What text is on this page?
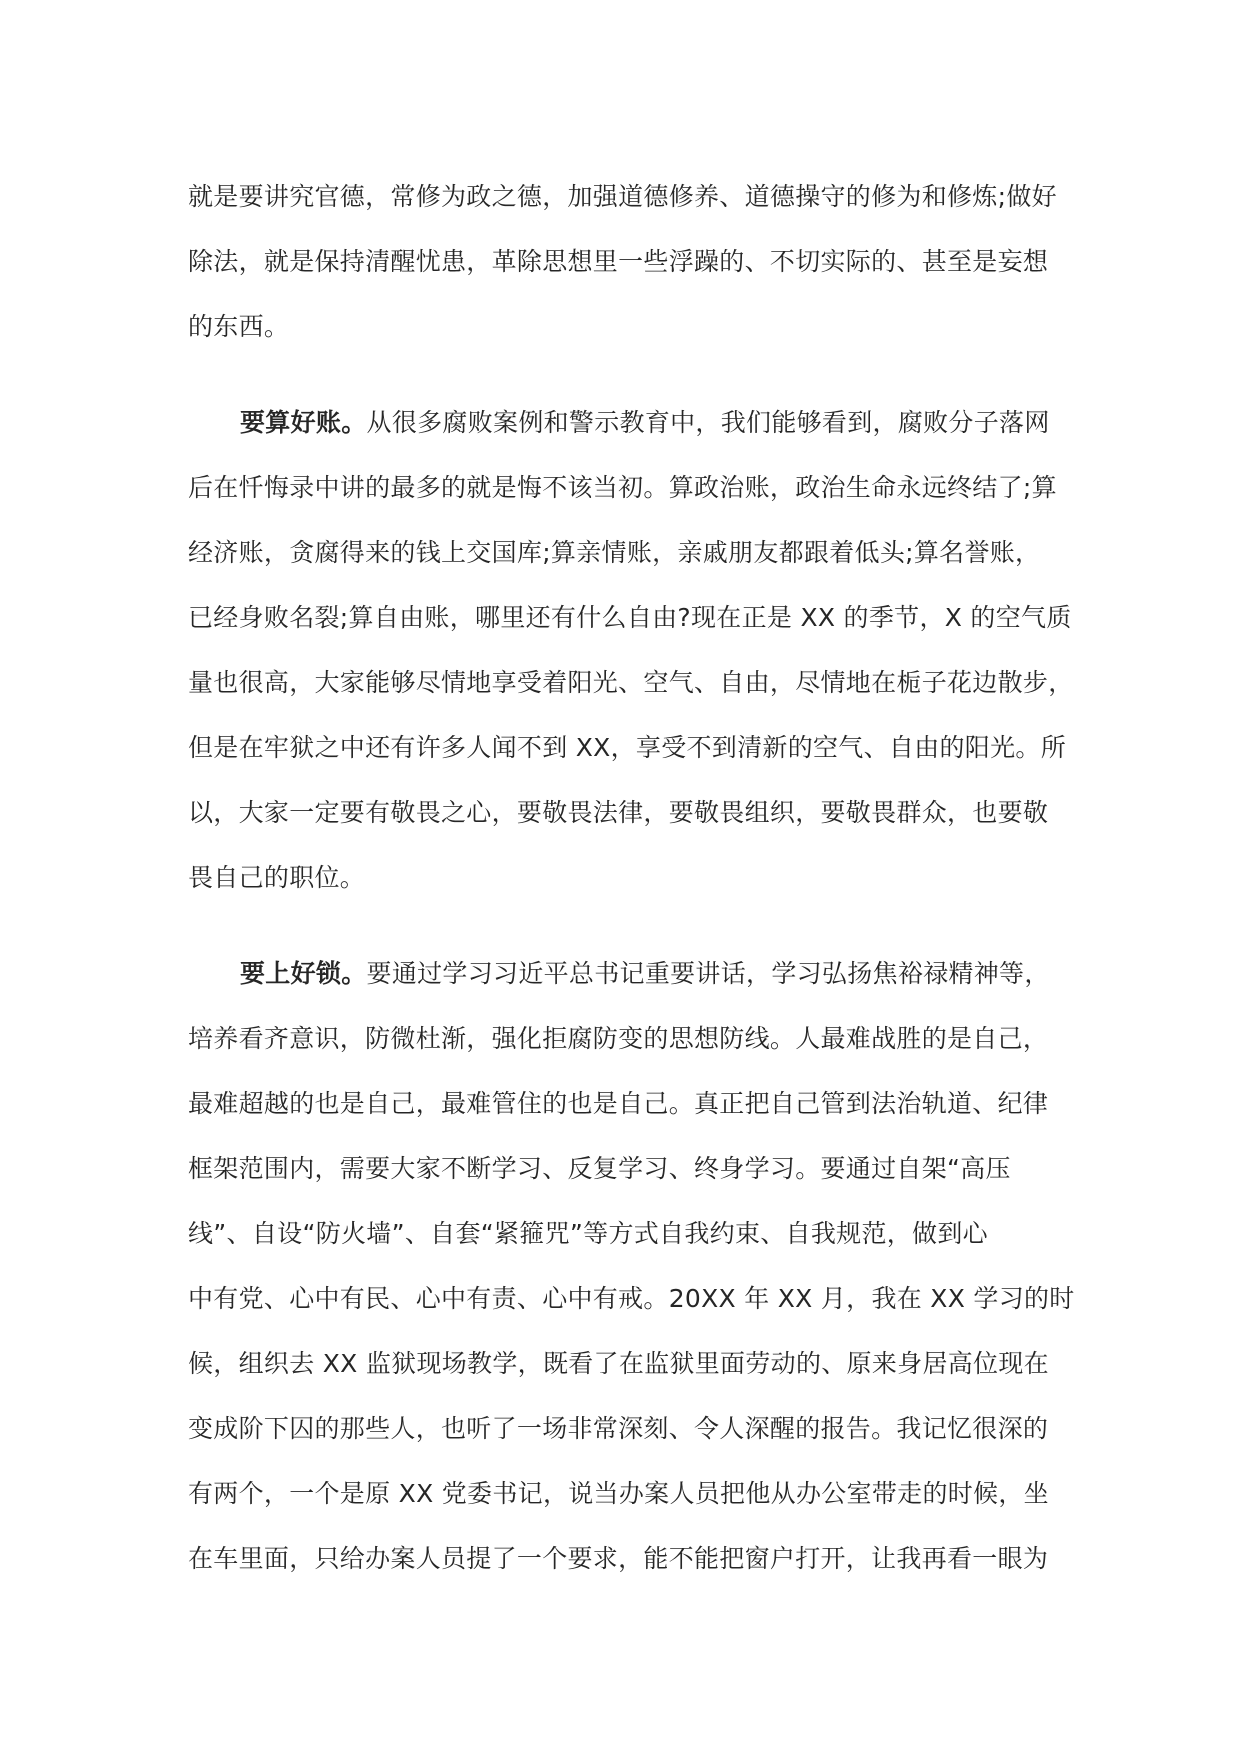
就是要讲究官德，常修为政之德，加强道德修养、道德操守的修为和修炼;做好
除法，就是保持清醒忧患，革除思想里一些浮躁的、不切实际的、甚至是妄想
的东西。
要算好账。从很多腐败案例和警示教育中，我们能够看到，腐败分子落网
后在忏悔录中讲的最多的就是悔不该当初。算政治账，政治生命永远终结了;算
经济账，贪腐得来的钱上交国库;算亲情账，亲戚朋友都跟着低头;算名誉账，
已经身败名裂;算自由账，哪里还有什么自由?现在正是 XX 的季节，X 的空气质
量也很高，大家能够尽情地享受着阳光、空气、自由，尽情地在栀子花边散步，
但是在牢狱之中还有许多人闻不到 XX，享受不到清新的空气、自由的阳光。所
以，大家一定要有敬畏之心，要敬畏法律，要敬畏组织，要敬畏群众，也要敬
畏自己的职位。
要上好锁。要通过学习习近平总书记重要讲话，学习弘扬焦裕禄精神等，
培养看齐意识，防微杜渐，强化拒腐防变的思想防线。人最难战胜的是自己，
最难超越的也是自己，最难管住的也是自己。真正把自己管到法治轨道、纪律
框架范围内，需要大家不断学习、反复学习、终身学习。要通过自架“高压
线”、自设“防火墙”、自套“紧箍咒”等方式自我约束、自我规范，做到心
中有党、心中有民、心中有责、心中有戒。20XX 年 XX 月，我在 XX 学习的时
候，组织去 XX 监狱现场教学，既看了在监狱里面劳动的、原来身居高位现在
变成阶下囚的那些人，也听了一场非常深刻、令人深醒的报告。我记忆很深的
有两个，一个是原 XX 党委书记，说当办案人员把他从办公室带走的时候，坐
在车里面，只给办案人员提了一个要求，能不能把窗户打开，让我再看一眼为
